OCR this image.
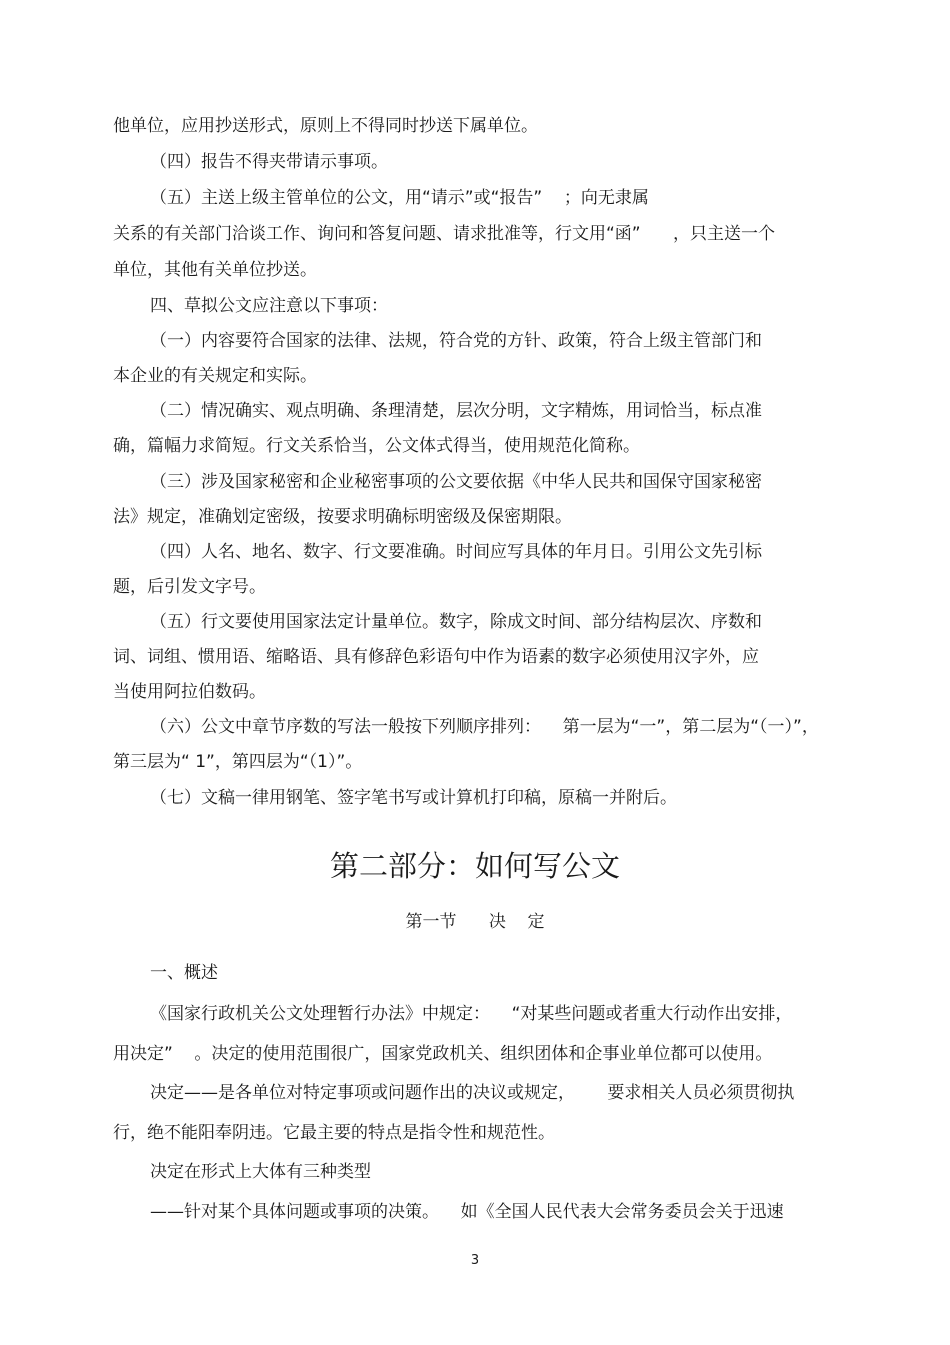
他单位，应用抄送形式，原则上不得同时抄送下属单位。
（四）报告不得夹带请示事项。
（五）主送上级主管单位的公文，用“请示”或“报告”    ；向无隶属
关系的有关部门洽谈工作、询问和答复问题、请求批准等，行文用“函”      ，只主送一个
单位，其他有关单位抄送。
四、草拟公文应注意以下事项：
（一）内容要符合国家的法律、法规，符合党的方针、政策，符合上级主管部门和
本企业的有关规定和实际。
（二）情况确实、观点明确、条理清楚，层次分明，文字精炼，用词恰当，标点准
确，篇幅力求简短。行文关系恰当，公文体式得当，使用规范化简称。
（三）涉及国家秘密和企业秘密事项的公文要依据《中华人民共和国保守国家秘密
法》规定，准确划定密级，按要求明确标明密级及保密期限。
（四）人名、地名、数字、行文要准确。时间应写具体的年月日。引用公文先引标
题，后引发文字号。
（五）行文要使用国家法定计量单位。数字，除成文时间、部分结构层次、序数和
词、词组、惯用语、缩略语、具有修辞色彩语句中作为语素的数字必须使用汉字外，应
当使用阿拉伯数码。
（六）公文中章节序数的写法一般按下列顺序排列：    第一层为“一”，第二层为“（一）”，
第三层为“ 1”，第四层为“（1）”。
（七）文稿一律用钢笔、签字笔书写或计算机打印稿，原稿一并附后。
第二部分：如何写公文
第一节      决    定
一、概述
《国家行政机关公文处理暂行办法》中规定：    “对某些问题或者重大行动作出安排，
用决定”    。决定的使用范围很广，国家党政机关、组织团体和企事业单位都可以使用。
决定——是各单位对特定事项或问题作出的决议或规定，      要求相关人员必须贯彻执
行，绝不能阳奉阴违。它最主要的特点是指令性和规范性。
决定在形式上大体有三种类型
——针对某个具体问题或事项的决策。    如《全国人民代表大会常务委员会关于迅速
3
